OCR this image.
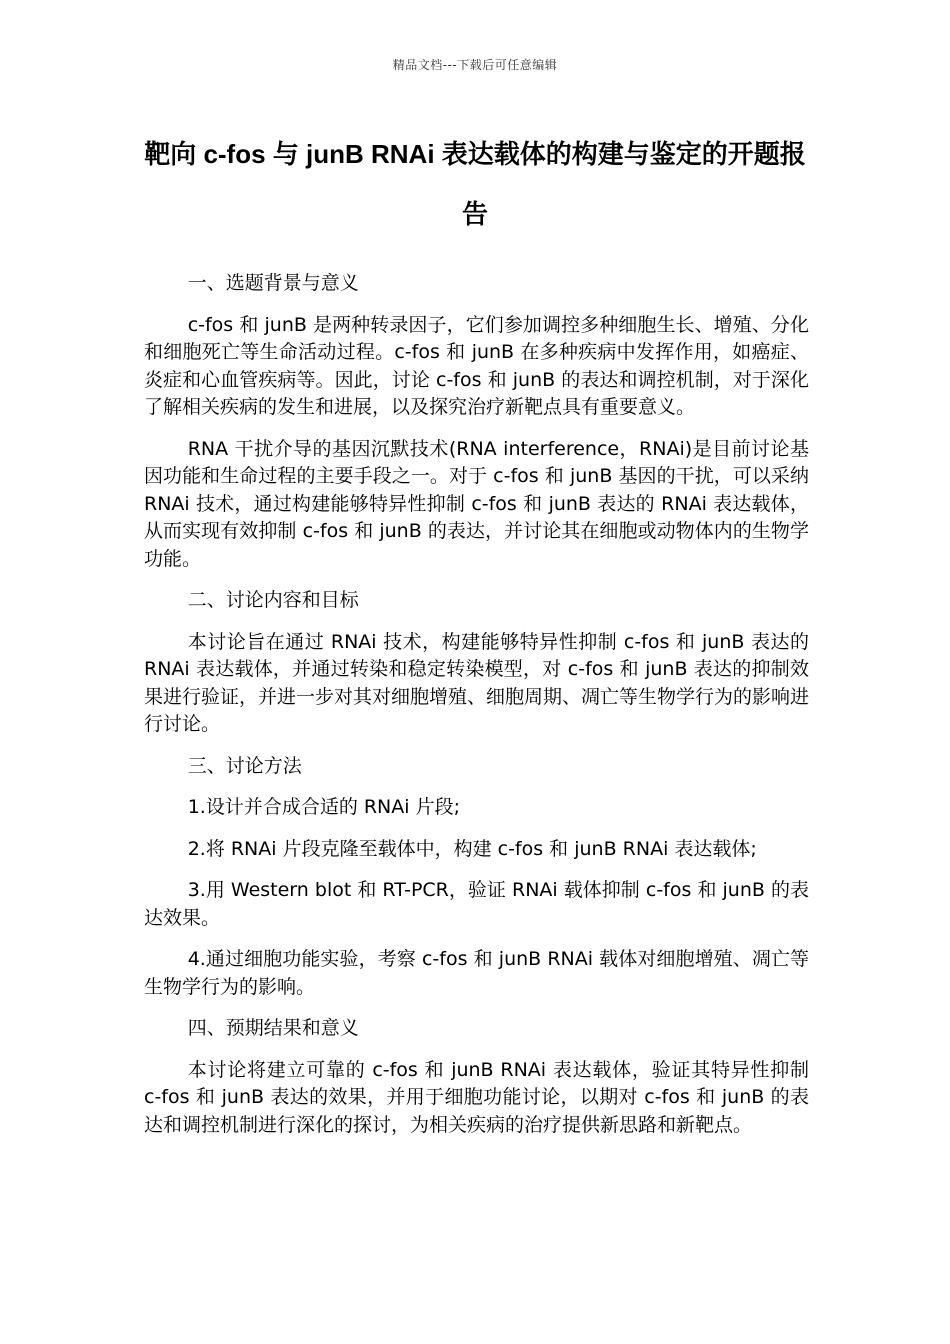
精品文档---下载后可任意编辑
靶向 c-fos 与 junB RNAi 表达载体的构建与鉴定的开题报告

一、选题背景与意义

c-fos 和 junB 是两种转录因子，它们参加调控多种细胞生长、增殖、分化和细胞死亡等生命活动过程。c-fos 和 junB 在多种疾病中发挥作用，如癌症、炎症和心血管疾病等。因此，讨论 c-fos 和 junB 的表达和调控机制，对于深化了解相关疾病的发生和进展，以及探究治疗新靶点具有重要意义。

RNA 干扰介导的基因沉默技术(RNA interference，RNAi)是目前讨论基因功能和生命过程的主要手段之一。对于 c-fos 和 junB 基因的干扰，可以采纳 RNAi 技术，通过构建能够特异性抑制 c-fos 和 junB 表达的 RNAi 表达载体，从而实现有效抑制 c-fos 和 junB 的表达，并讨论其在细胞或动物体内的生物学功能。

二、讨论内容和目标

本讨论旨在通过 RNAi 技术，构建能够特异性抑制 c-fos 和 junB 表达的 RNAi 表达载体，并通过转染和稳定转染模型，对 c-fos 和 junB 表达的抑制效果进行验证，并进一步对其对细胞增殖、细胞周期、凋亡等生物学行为的影响进行讨论。

三、讨论方法

1.设计并合成合适的 RNAi 片段;

2.将 RNAi 片段克隆至载体中，构建 c-fos 和 junB RNAi 表达载体;

3.用 Western blot 和 RT-PCR，验证 RNAi 载体抑制 c-fos 和 junB 的表达效果。

4.通过细胞功能实验，考察 c-fos 和 junB RNAi 载体对细胞增殖、凋亡等生物学行为的影响。

四、预期结果和意义

本讨论将建立可靠的 c-fos 和 junB RNAi 表达载体，验证其特异性抑制 c-fos 和 junB 表达的效果，并用于细胞功能讨论，以期对 c-fos 和 junB 的表达和调控机制进行深化的探讨，为相关疾病的治疗提供新思路和新靶点。
